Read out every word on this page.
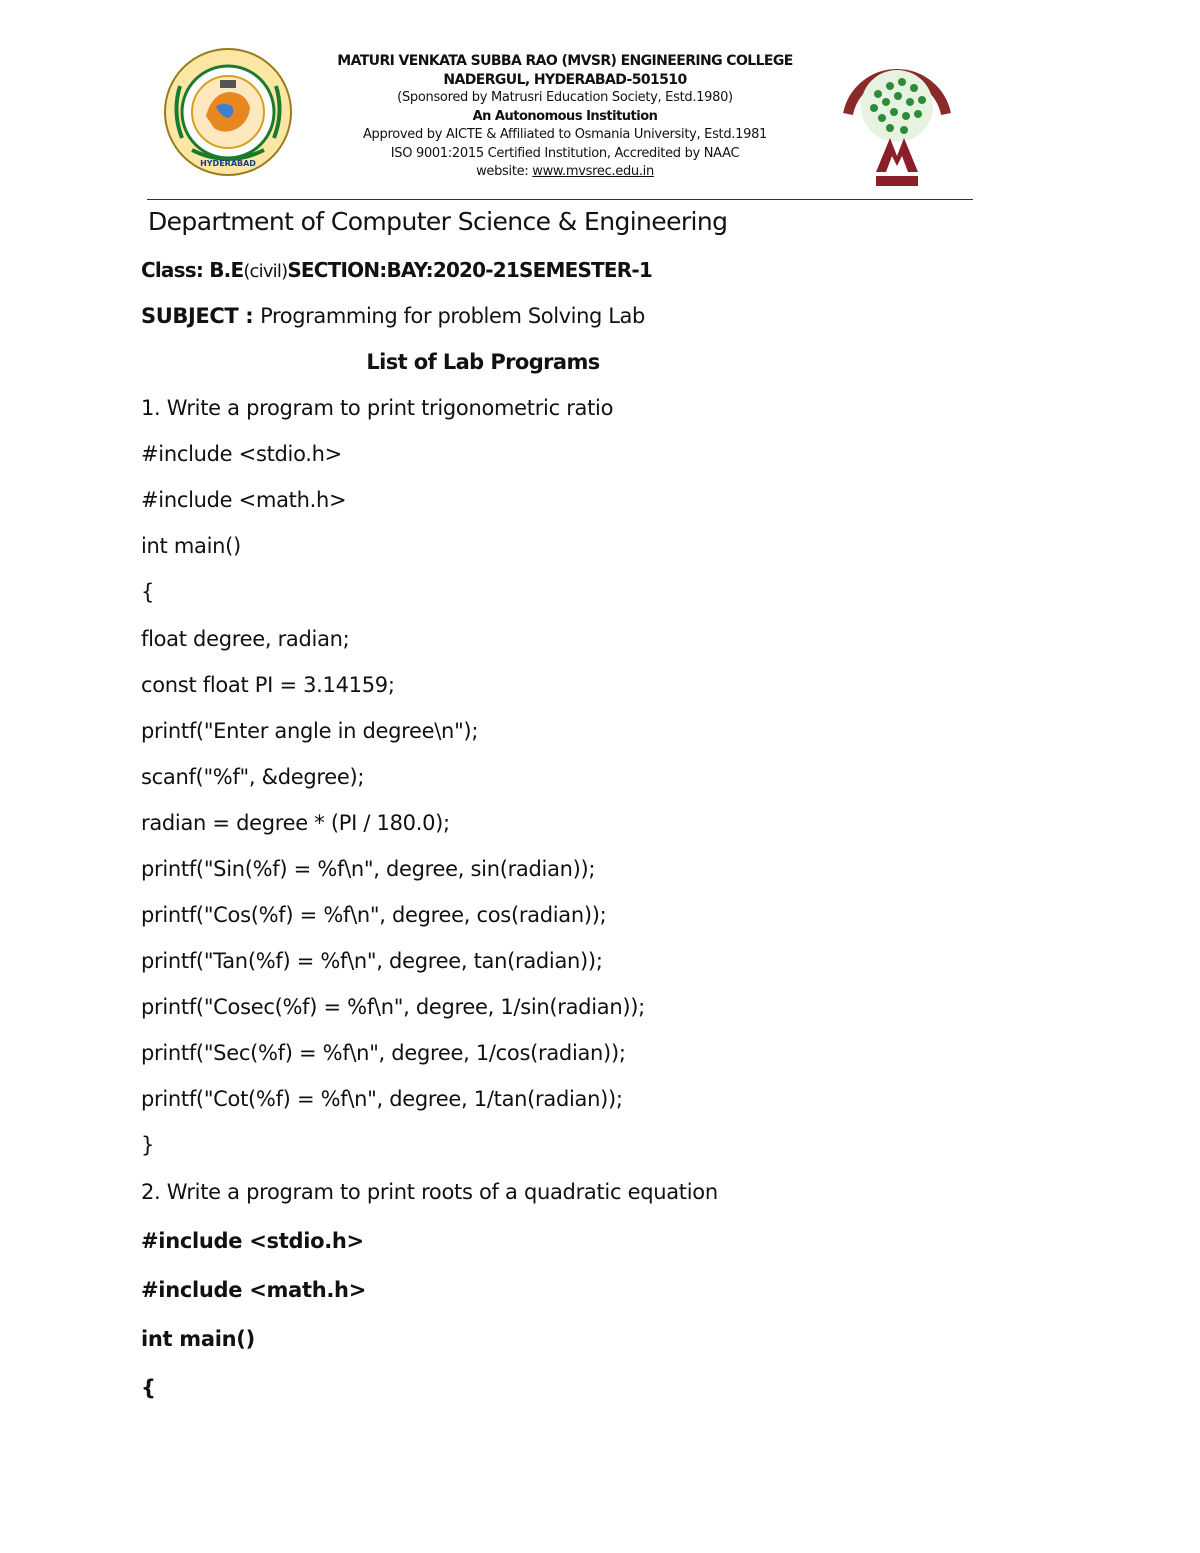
HYDERABAD
MATURI VENKATA SUBBA RAO (MVSR) ENGINEERING COLLEGE
NADERGUL, HYDERABAD-501510
(Sponsored by Matrusri Education Society, Estd.1980)
An Autonomous Institution
Approved by AICTE & Affiliated to Osmania University, Estd.1981
ISO 9001:2015 Certified Institution, Accredited by NAAC
website: www.mvsrec.edu.in
Department of Computer Science & Engineering
Class: B.E(civil)SECTION:BAY:2020-21SEMESTER-1
SUBJECT : Programming for problem Solving Lab
List of Lab Programs
1. Write a program to print trigonometric ratio
#include <stdio.h>
#include <math.h>
int main()
{
float degree, radian;
const float PI = 3.14159;
printf("Enter angle in degree\n");
scanf("%f", &degree);
radian = degree * (PI / 180.0);
printf("Sin(%f) = %f\n", degree, sin(radian));
printf("Cos(%f) = %f\n", degree, cos(radian));
printf("Tan(%f) = %f\n", degree, tan(radian));
printf("Cosec(%f) = %f\n", degree, 1/sin(radian));
printf("Sec(%f) = %f\n", degree, 1/cos(radian));
printf("Cot(%f) = %f\n", degree, 1/tan(radian));
}
2. Write a program to print roots of a quadratic equation
#include <stdio.h>
#include <math.h>
int main()
{
